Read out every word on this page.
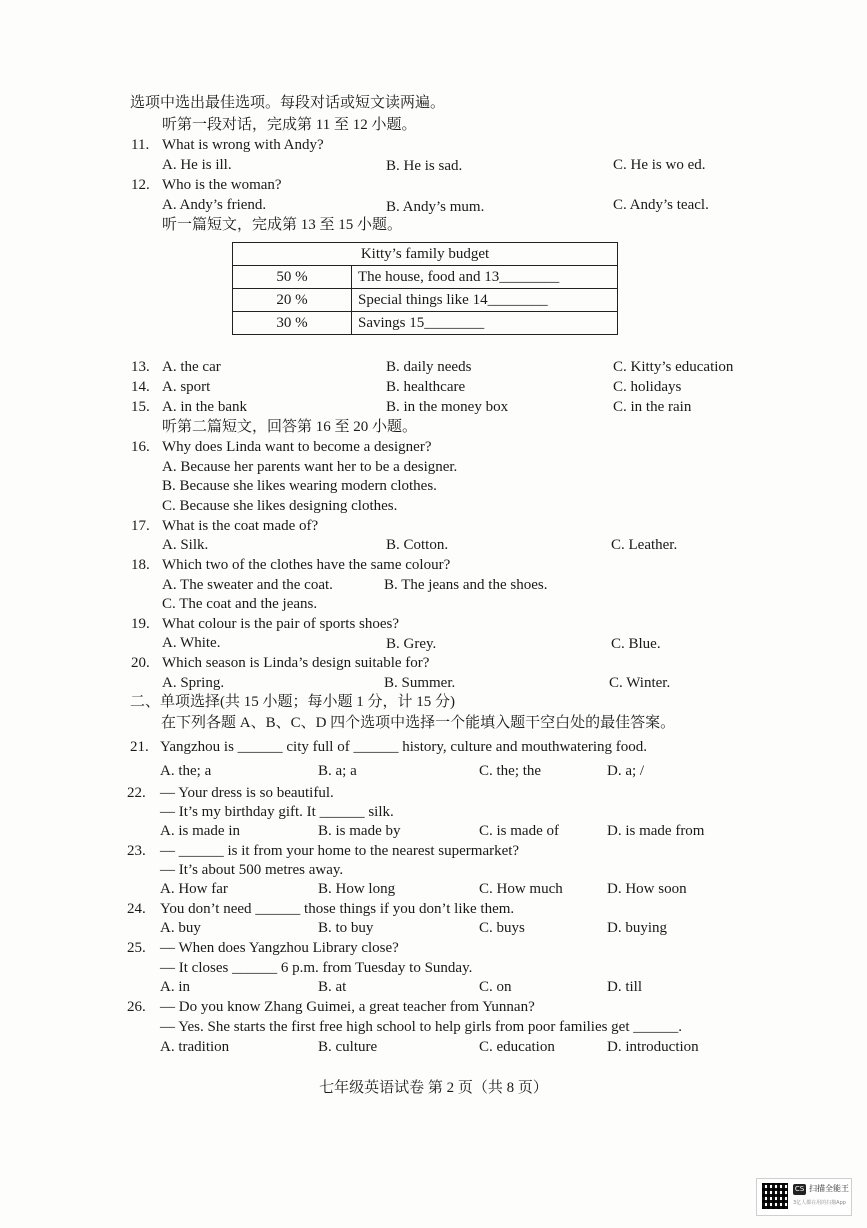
选项中选出最佳选项。每段对话或短文读两遍。
听第一段对话，完成第 11 至 12 小题。
11. What is wrong with Andy?
A. He is ill.	B. He is sad.	C. He is wo ed.
12. Who is the woman?
A. Andy’s friend.	B. Andy’s mum.	C. Andy’s teacl.
听一篇短文，完成第 13 至 15 小题。
Kitty’s family budget	
50 %	The house, food and 13________
20 %	Special things like 14________
30 %	Savings 15________
13. A. the car	B. daily needs	C. Kitty’s education
14. A. sport	B. healthcare	C. holidays
15. A. in the bank	B. in the money box	C. in the rain
听第二篇短文，回答第 16 至 20 小题。
16. Why does Linda want to become a designer?
A. Because her parents want her to be a designer.
B. Because she likes wearing modern clothes.
C. Because she likes designing clothes.
17. What is the coat made of?
A. Silk.	B. Cotton.	C. Leather.
18. Which two of the clothes have the same colour?
A. The sweater and the coat.	B. The jeans and the shoes.
C. The coat and the jeans.
19. What colour is the pair of sports shoes?
A. White.	B. Grey.	C. Blue.
20. Which season is Linda’s design suitable for?
A. Spring.	B. Summer.	C. Winter.
二、单项选择(共 15 小题；每小题 1 分，计 15 分)
在下列各题 A、B、C、D 四个选项中选择一个能填入题干空白处的最佳答案。
21. Yangzhou is ______ city full of ______ history, culture and mouthwatering food.
A. the; a	B. a; a	C. the; the	D. a; /
22. — Your dress is so beautiful.
— It’s my birthday gift. It ______ silk.
A. is made in	B. is made by	C. is made of	D. is made from
23. — ______ is it from your home to the nearest supermarket?
— It’s about 500 metres away.
A. How far	B. How long	C. How much	D. How soon
24. You don’t need ______ those things if you don’t like them.
A. buy	B. to buy	C. buys	D. buying
25. — When does Yangzhou Library close?
— It closes ______ 6 p.m. from Tuesday to Sunday.
A. in	B. at	C. on	D. till
26. — Do you know Zhang Guimei, a great teacher from Yunnan?
— Yes. She starts the first free high school to help girls from poor families get ______.
A. tradition	B. culture	C. education	D. introduction
七年级英语试卷 第 2 页（共 8 页）
CS 扫描全能王
3亿人都在用的扫描App
